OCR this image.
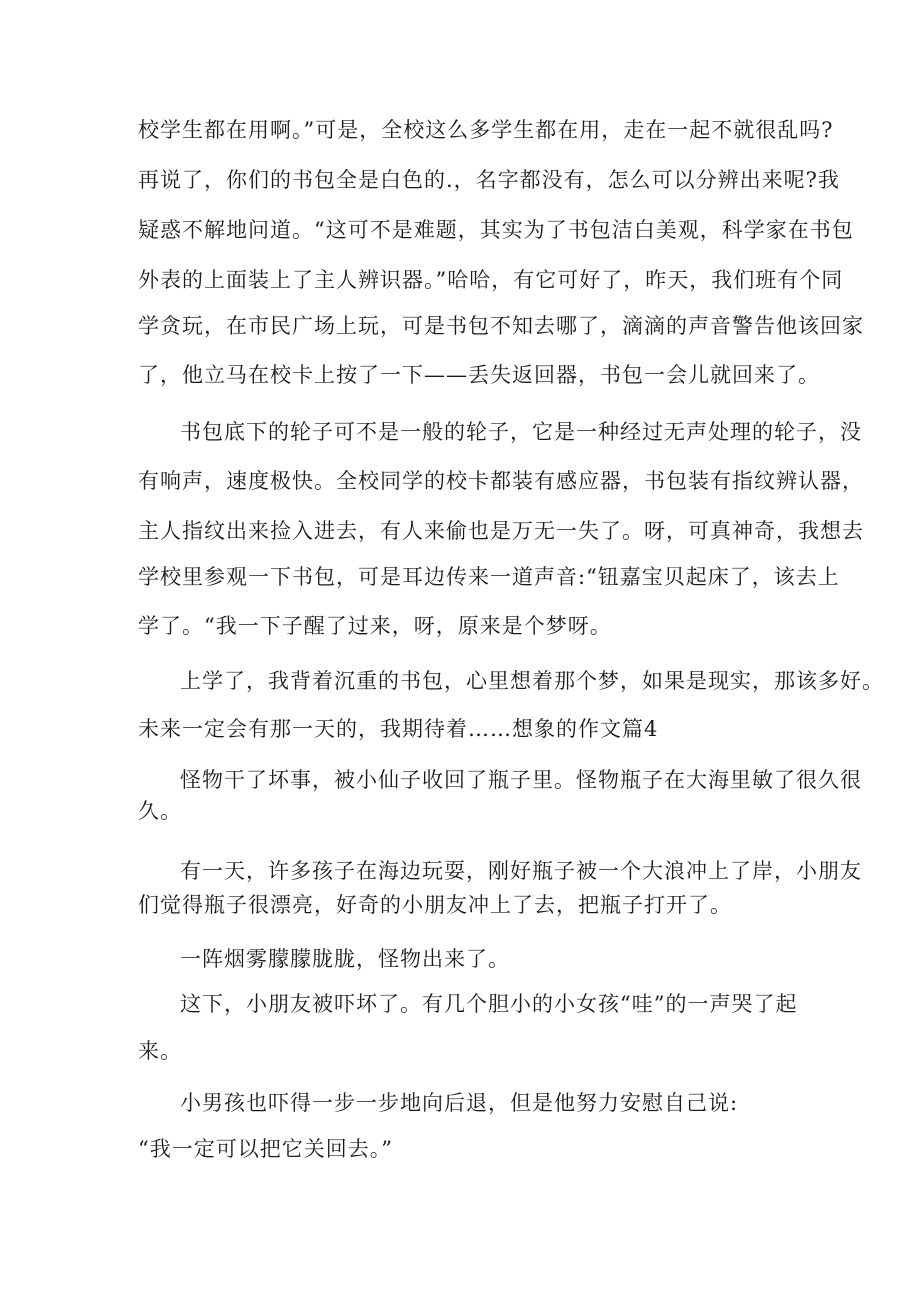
校学生都在用啊。”可是，全校这么多学生都在用，走在一起不就很乱吗?
再说了，你们的书包全是白色的.，名字都没有，怎么可以分辨出来呢?我
疑惑不解地问道。“这可不是难题，其实为了书包洁白美观，科学家在书包
外表的上面装上了主人辨识器。”哈哈，有它可好了，昨天，我们班有个同
学贪玩，在市民广场上玩，可是书包不知去哪了，滴滴的声音警告他该回家
了，他立马在校卡上按了一下——丢失返回器，书包一会儿就回来了。
书包底下的轮子可不是一般的轮子，它是一种经过无声处理的轮子，没
有响声，速度极快。全校同学的校卡都装有感应器，书包装有指纹辨认器，
主人指纹出来捡入进去，有人来偷也是万无一失了。呀，可真神奇，我想去
学校里参观一下书包，可是耳边传来一道声音:“钮嘉宝贝起床了，该去上
学了。“我一下子醒了过来，呀，原来是个梦呀。
上学了，我背着沉重的书包，心里想着那个梦，如果是现实，那该多好。
未来一定会有那一天的，我期待着……想象的作文篇4
怪物干了坏事，被小仙子收回了瓶子里。怪物瓶子在大海里敏了很久很
久。
有一天，许多孩子在海边玩耍，刚好瓶子被一个大浪冲上了岸，小朋友
们觉得瓶子很漂亮，好奇的小朋友冲上了去，把瓶子打开了。
一阵烟雾朦朦胧胧，怪物出来了。
这下，小朋友被吓坏了。有几个胆小的小女孩“哇”的一声哭了起
来。
小男孩也吓得一步一步地向后退，但是他努力安慰自己说:
“我一定可以把它关回去。”
